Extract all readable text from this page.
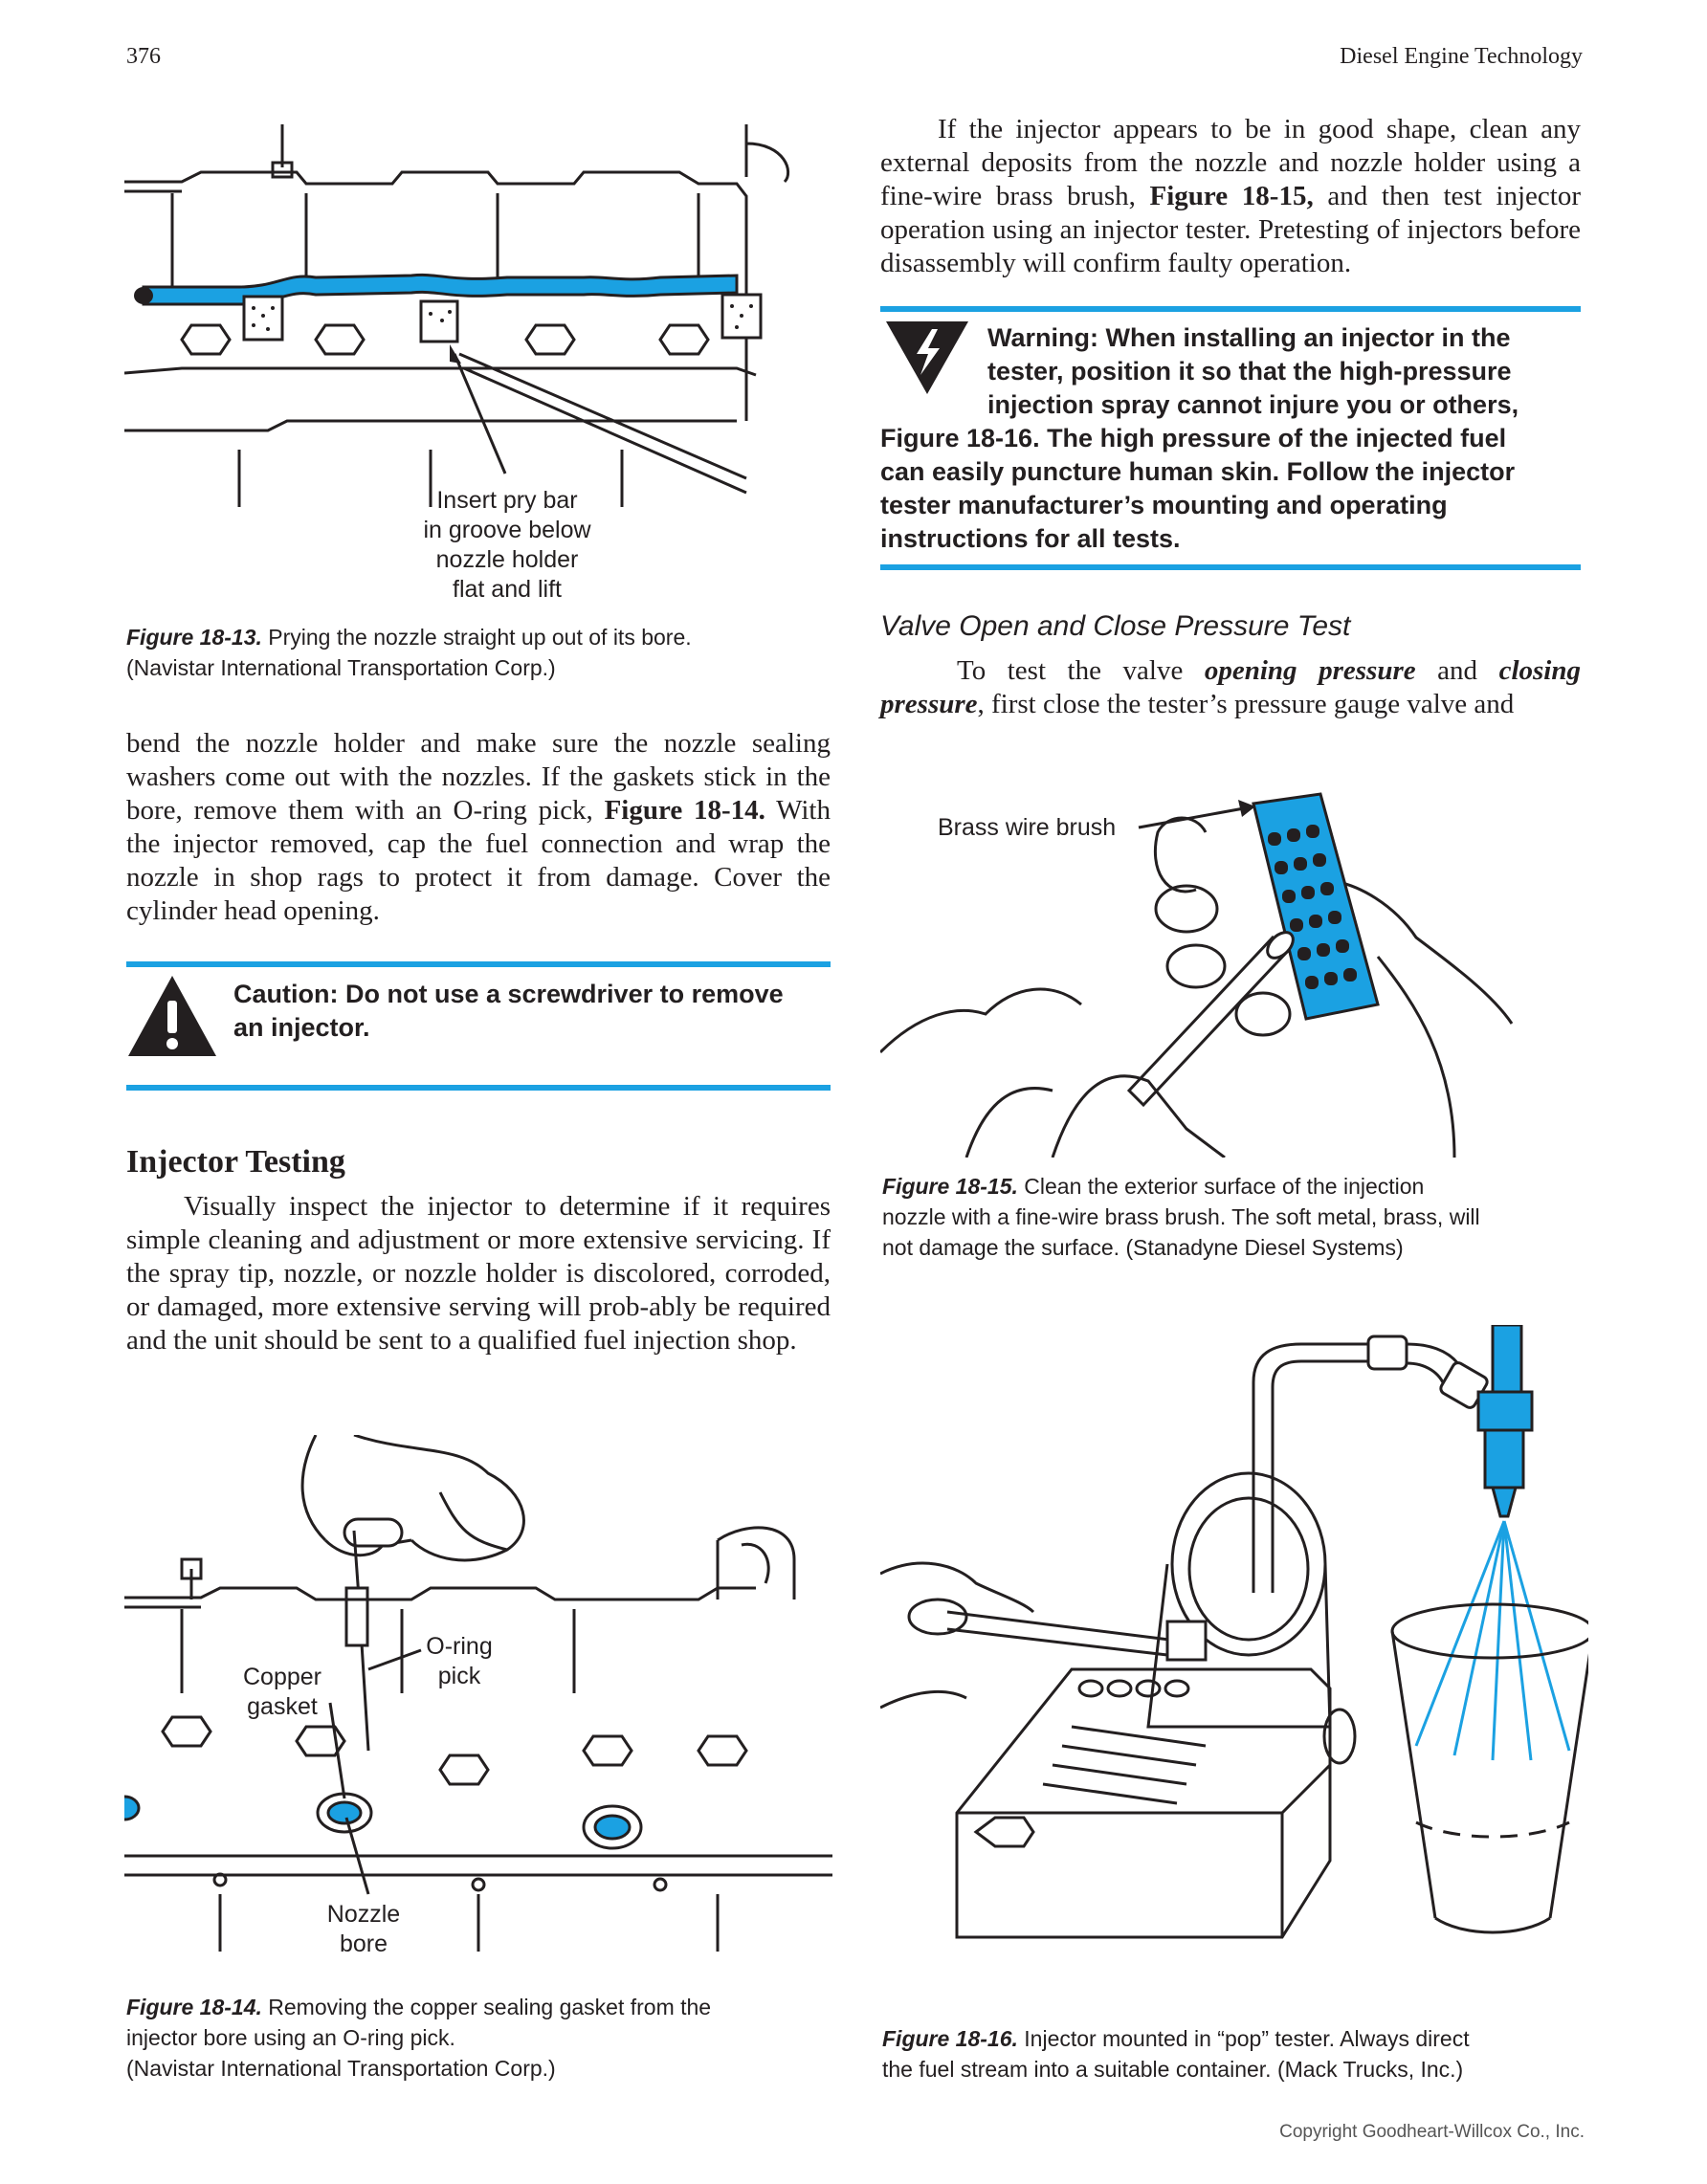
376	Diesel Engine Technology
Insert pry bar
in groove below
nozzle holder
flat and lift
Figure 18-13. Prying the nozzle straight up out of its bore.
(Navistar International Transportation Corp.)
bend the nozzle holder and make sure the nozzle sealing washers come out with the nozzles. If the gaskets stick in the bore, remove them with an O-ring pick, Figure 18-14. With the injector removed, cap the fuel connection and wrap the nozzle in shop rags to protect it from damage. Cover the cylinder head opening.
Caution: Do not use a screwdriver to remove
an injector.
Injector Testing
Visually inspect the injector to determine if it requires simple cleaning and adjustment or more extensive servicing. If the spray tip, nozzle, or nozzle holder is discolored, corroded, or damaged, more extensive serving will prob-ably be required and the unit should be sent to a qualified fuel injection shop.
Copper
gasket
O-ring
pick
Nozzle
bore
Figure 18-14. Removing the copper sealing gasket from the
injector bore using an O-ring pick.
(Navistar International Transportation Corp.)
If the injector appears to be in good shape, clean any external deposits from the nozzle and nozzle holder using a fine-wire brass brush, Figure 18-15, and then test injector operation using an injector tester. Pretesting of injectors before disassembly will confirm faulty operation.
Warning: When installing an injector in the
tester, position it so that the high-pressure
injection spray cannot injure you or others,
Figure 18-16. The high pressure of the injected fuel
can easily puncture human skin. Follow the injector
tester manufacturer’s mounting and operating
instructions for all tests.
Valve Open and Close Pressure Test
To test the valve opening pressure and closing pressure, first close the tester’s pressure gauge valve and
Brass wire brush
Figure 18-15. Clean the exterior surface of the injection
nozzle with a fine-wire brass brush. The soft metal, brass, will
not damage the surface. (Stanadyne Diesel Systems)
Figure 18-16. Injector mounted in “pop” tester. Always direct
the fuel stream into a suitable container. (Mack Trucks, Inc.)
Copyright Goodheart-Willcox Co., Inc.
